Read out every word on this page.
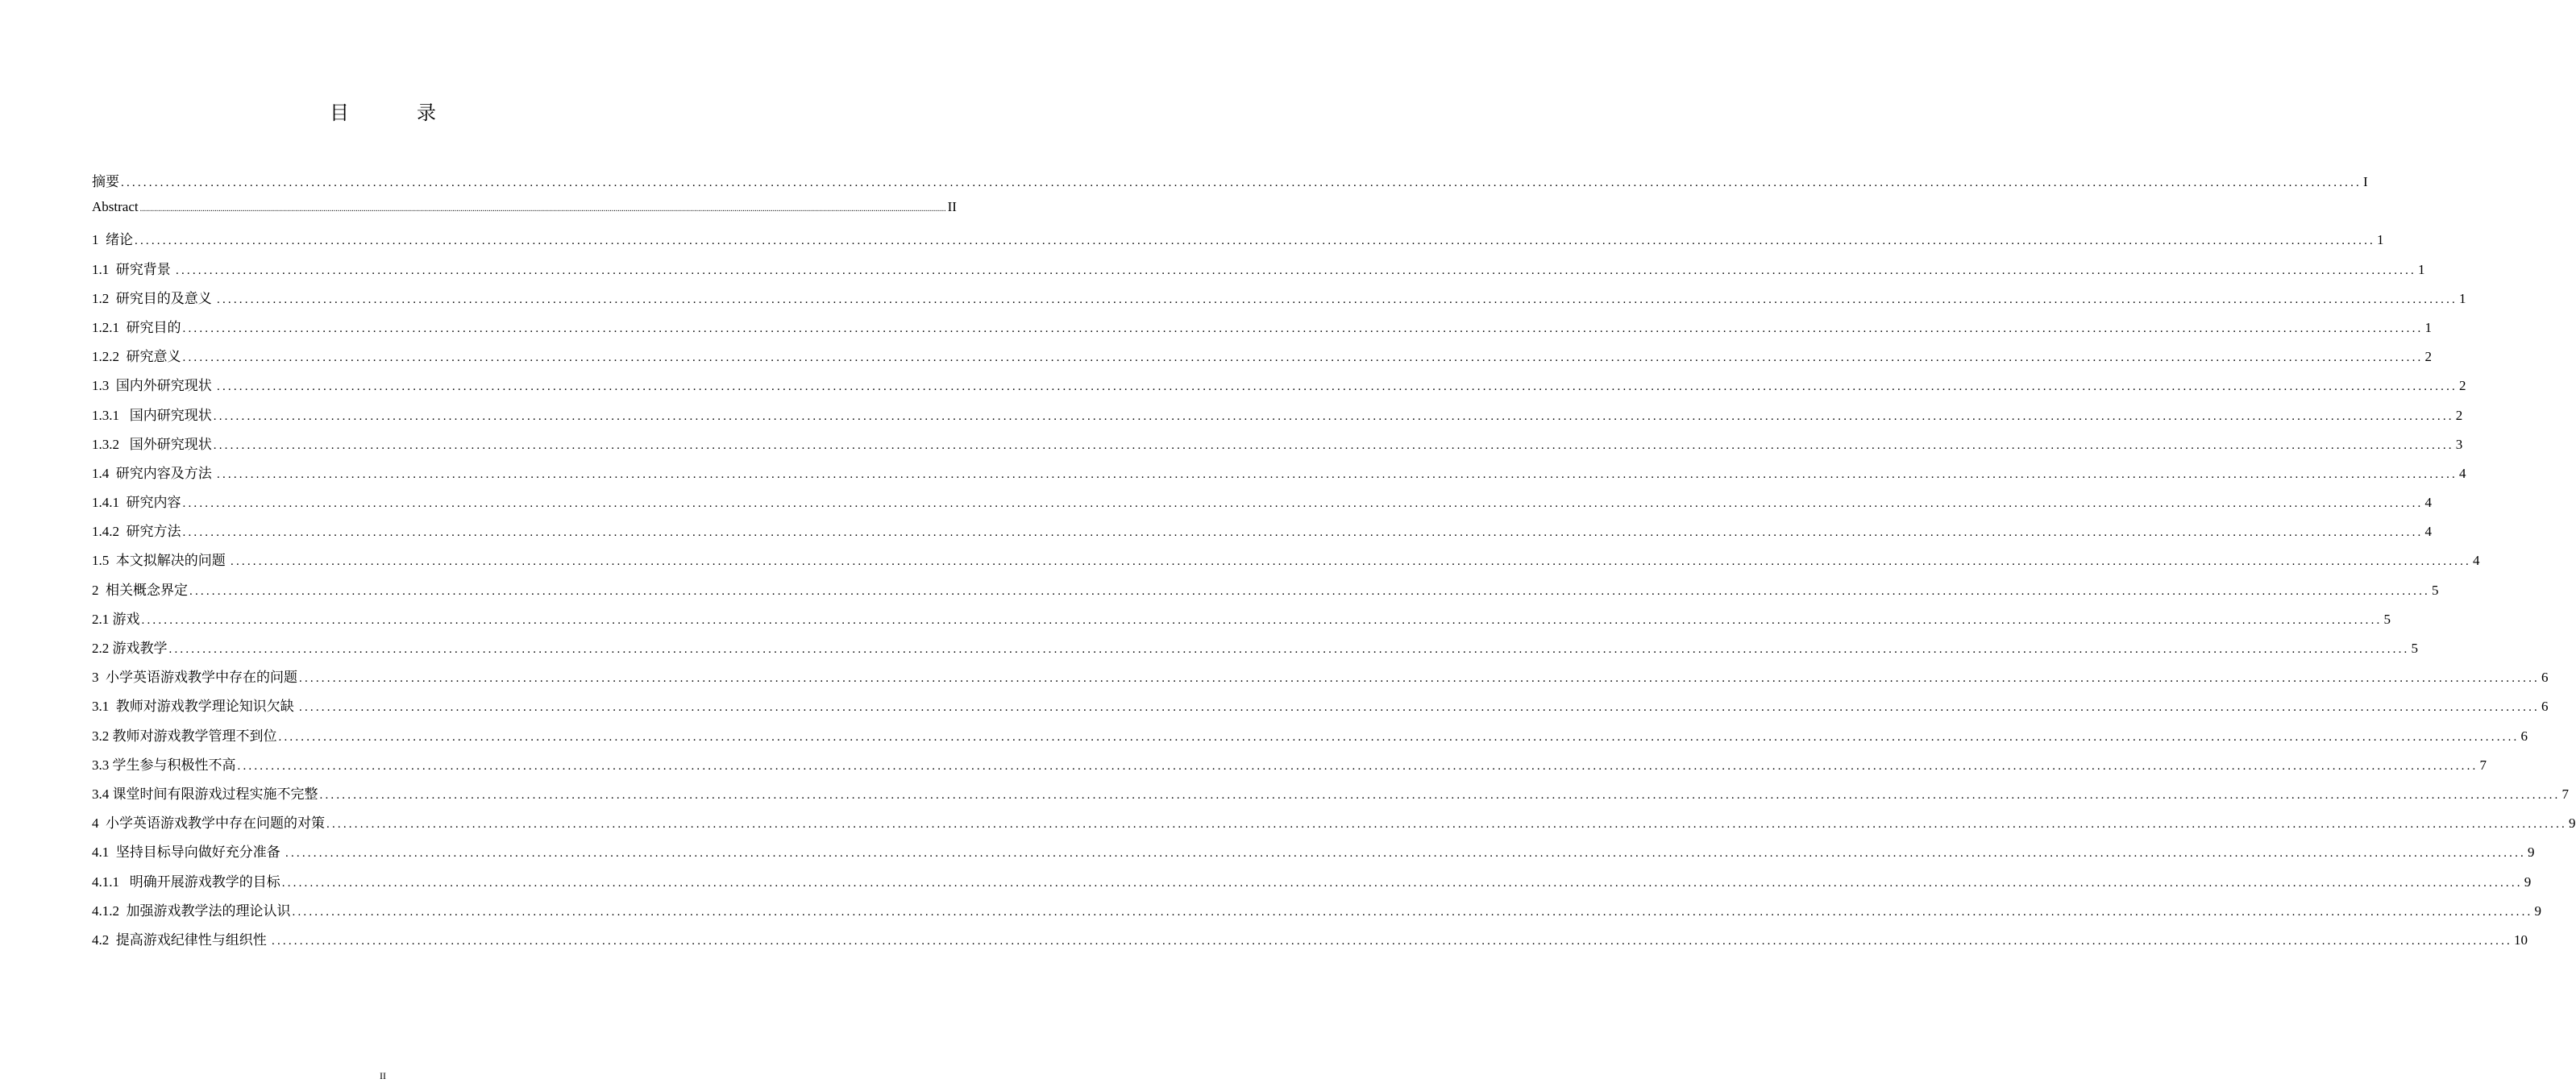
目　录
摘要 ................................................................................................................................................................................................................................................................................................................................................................................................................ I
Abstract ................................................................................................................................................................................................................................................................................................................................................................................................................ II
1  绪论 ................................................................................................................................................................................................................................................................................................................................................................................................................ 1
1.1  研究背景 ................................................................................................................................................................................................................................................................................................................................................................................................................ 1
1.2  研究目的及意义 ................................................................................................................................................................................................................................................................................................................................................................................................................ 1
1.2.1  研究目的 ................................................................................................................................................................................................................................................................................................................................................................................................................ 1
1.2.2  研究意义 ................................................................................................................................................................................................................................................................................................................................................................................................................ 2
1.3  国内外研究现状 ................................................................................................................................................................................................................................................................................................................................................................................................................ 2
1.3.1   国内研究现状 ................................................................................................................................................................................................................................................................................................................................................................................................................ 2
1.3.2   国外研究现状 ................................................................................................................................................................................................................................................................................................................................................................................................................ 3
1.4  研究内容及方法 ................................................................................................................................................................................................................................................................................................................................................................................................................ 4
1.4.1  研究内容 ................................................................................................................................................................................................................................................................................................................................................................................................................ 4
1.4.2  研究方法 ................................................................................................................................................................................................................................................................................................................................................................................................................ 4
1.5  本文拟解决的问题 ................................................................................................................................................................................................................................................................................................................................................................................................................ 4
2  相关概念界定 ................................................................................................................................................................................................................................................................................................................................................................................................................ 5
2.1 游戏 ................................................................................................................................................................................................................................................................................................................................................................................................................ 5
2.2 游戏教学 ................................................................................................................................................................................................................................................................................................................................................................................................................ 5
3  小学英语游戏教学中存在的问题 ................................................................................................................................................................................................................................................................................................................................................................................................................ 6
3.1  教师对游戏教学理论知识欠缺 ................................................................................................................................................................................................................................................................................................................................................................................................................ 6
3.2 教师对游戏教学管理不到位 ................................................................................................................................................................................................................................................................................................................................................................................................................ 6
3.3 学生参与积极性不高 ................................................................................................................................................................................................................................................................................................................................................................................................................ 7
3.4 课堂时间有限游戏过程实施不完整 ................................................................................................................................................................................................................................................................................................................................................................................................................ 7
4  小学英语游戏教学中存在问题的对策 ................................................................................................................................................................................................................................................................................................................................................................................................................ 9
4.1  坚持目标导向做好充分准备 ................................................................................................................................................................................................................................................................................................................................................................................................................ 9
4.1.1   明确开展游戏教学的目标 ................................................................................................................................................................................................................................................................................................................................................................................................................ 9
4.1.2  加强游戏教学法的理论认识 ................................................................................................................................................................................................................................................................................................................................................................................................................ 9
4.2  提高游戏纪律性与组织性 ................................................................................................................................................................................................................................................................................................................................................................................................................ 10
II
